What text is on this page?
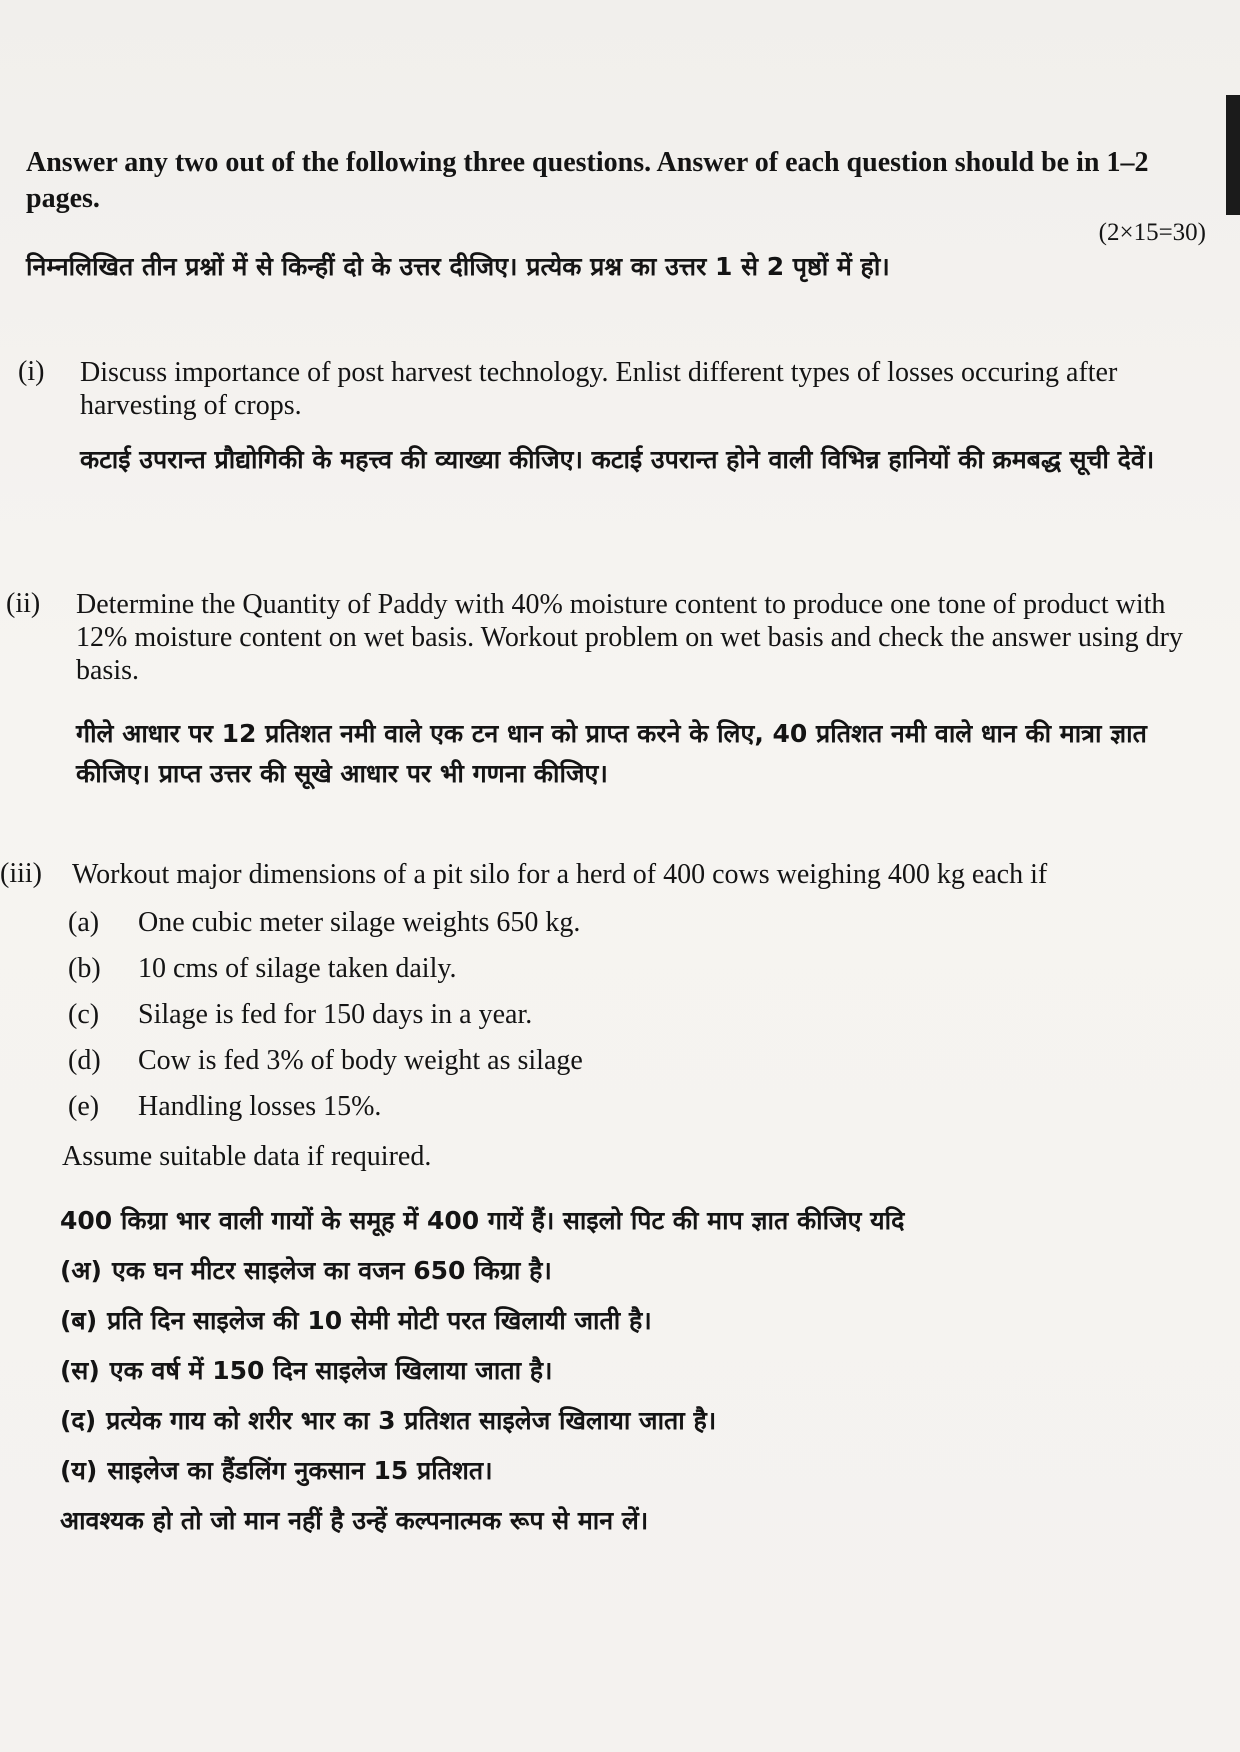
Answer any two out of the following three questions. Answer of each question should be in 1–2 pages.
(2×15=30)
निम्नलिखित तीन प्रश्नों में से किन्हीं दो के उत्तर दीजिए। प्रत्येक प्रश्न का उत्तर 1 से 2 पृष्ठों में हो।
(i) Discuss importance of post harvest technology. Enlist different types of losses occuring after harvesting of crops.
कटाई उपरान्त प्रौद्योगिकी के महत्त्व की व्याख्या कीजिए। कटाई उपरान्त होने वाली विभिन्न हानियों की क्रमबद्ध सूची देवें।
(ii) Determine the Quantity of Paddy with 40% moisture content to produce one tone of product with 12% moisture content on wet basis. Workout problem on wet basis and check the answer using dry basis.
गीले आधार पर 12 प्रतिशत नमी वाले एक टन धान को प्राप्त करने के लिए, 40 प्रतिशत नमी वाले धान की मात्रा ज्ञात कीजिए। प्राप्त उत्तर की सूखे आधार पर भी गणना कीजिए।
(iii) Workout major dimensions of a pit silo for a herd of 400 cows weighing 400 kg each if
(a)	One cubic meter silage weights 650 kg.
(b)	10 cms of silage taken daily.
(c)	Silage is fed for 150 days in a year.
(d)	Cow is fed 3% of body weight as silage
(e)	Handling losses 15%.
Assume suitable data if required.
400 किग्रा भार वाली गायों के समूह में 400 गायें हैं। साइलो पिट की माप ज्ञात कीजिए यदि
(अ) एक घन मीटर साइलेज का वजन 650 किग्रा है।
(ब) प्रति दिन साइलेज की 10 सेमी मोटी परत खिलायी जाती है।
(स) एक वर्ष में 150 दिन साइलेज खिलाया जाता है।
(द) प्रत्येक गाय को शरीर भार का 3 प्रतिशत साइलेज खिलाया जाता है।
(य) साइलेज का हैंडलिंग नुकसान 15 प्रतिशत।
आवश्यक हो तो जो मान नहीं है उन्हें कल्पनात्मक रूप से मान लें।
